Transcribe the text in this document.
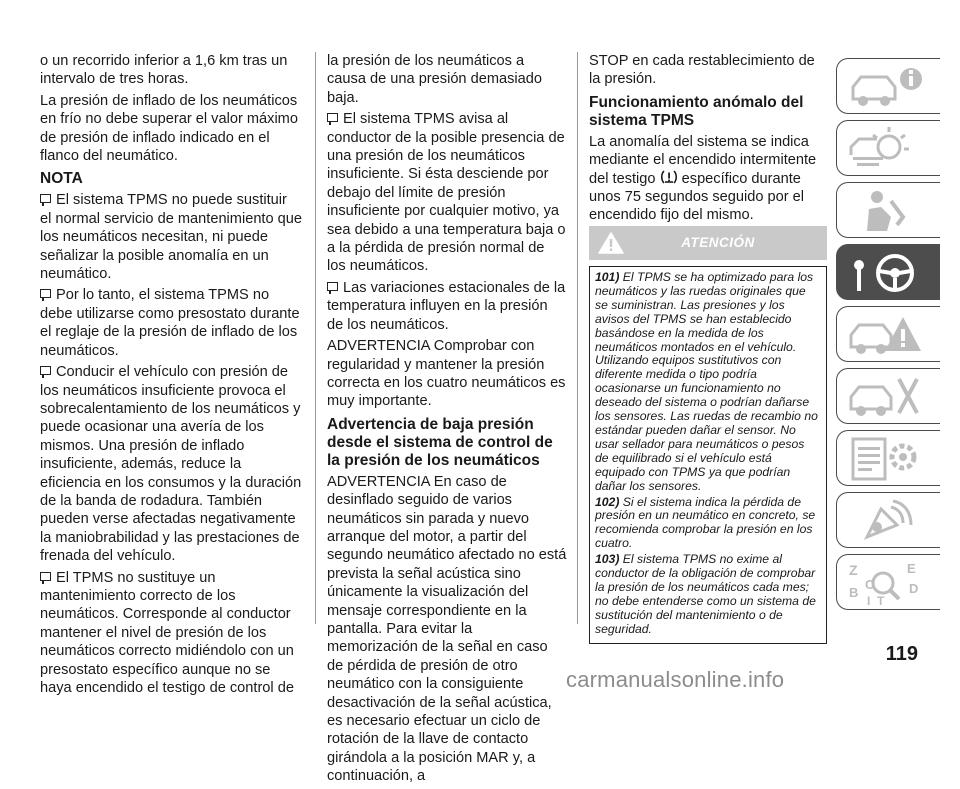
o un recorrido inferior a 1,6 km tras un intervalo de tres horas.

La presión de inflado de los neumáticos en frío no debe superar el valor máximo de presión de inflado indicado en el flanco del neumático.

NOTA

El sistema TPMS no puede sustituir el normal servicio de mantenimiento que los neumáticos necesitan, ni puede señalizar la posible anomalía en un neumático.

Por lo tanto, el sistema TPMS no debe utilizarse como presostato durante el reglaje de la presión de inflado de los neumáticos.

Conducir el vehículo con presión de los neumáticos insuficiente provoca el sobrecalentamiento de los neumáticos y puede ocasionar una avería de los mismos. Una presión de inflado insuficiente, además, reduce la eficiencia en los consumos y la duración de la banda de rodadura. También pueden verse afectadas negativamente la maniobrabilidad y las prestaciones de frenada del vehículo.

El TPMS no sustituye un mantenimiento correcto de los neumáticos. Corresponde al conductor mantener el nivel de presión de los neumáticos correcto midiéndolo con un presostato específico aunque no se haya encendido el testigo de control de

la presión de los neumáticos a causa de una presión demasiado baja.

El sistema TPMS avisa al conductor de la posible presencia de una presión de los neumáticos insuficiente. Si ésta desciende por debajo del límite de presión insuficiente por cualquier motivo, ya sea debido a una temperatura baja o a la pérdida de presión normal de los neumáticos.

Las variaciones estacionales de la temperatura influyen en la presión de los neumáticos.

ADVERTENCIA Comprobar con regularidad y mantener la presión correcta en los cuatro neumáticos es muy importante.

Advertencia de baja presión desde el sistema de control de la presión de los neumáticos

ADVERTENCIA En caso de desinflado seguido de varios neumáticos sin parada y nuevo arranque del motor, a partir del segundo neumático afectado no está prevista la señal acústica sino únicamente la visualización del mensaje correspondiente en la pantalla. Para evitar la memorización de la señal en caso de pérdida de presión de otro neumático con la consiguiente desactivación de la señal acústica, es necesario efectuar un ciclo de rotación de la llave de contacto girándola a la posición MAR y, a continuación, a

STOP en cada restablecimiento de la presión.

Funcionamiento anómalo del sistema TPMS

La anomalía del sistema se indica mediante el encendido intermitente del testigo específico durante unos 75 segundos seguido por el encendido fijo del mismo.

ATENCIÓN

101) El TPMS se ha optimizado para los neumáticos y las ruedas originales que se suministran. Las presiones y los avisos del TPMS se han establecido basándose en la medida de los neumáticos montados en el vehículo. Utilizando equipos sustitutivos con diferente medida o tipo podría ocasionarse un funcionamiento no deseado del sistema o podrían dañarse los sensores. Las ruedas de recambio no estándar pueden dañar el sensor. No usar sellador para neumáticos o pesos de equilibrado si el vehículo está equipado con TPMS ya que podrían dañar los sensores.

102) Si el sistema indica la pérdida de presión en un neumático en concreto, se recomienda comprobar la presión en los cuatro.

103) El sistema TPMS no exime al conductor de la obligación de comprobar la presión de los neumáticos cada mes; no debe entenderse como un sistema de sustitución del mantenimiento o de seguridad.

Z	E
C	D
B
I T
119
carmanualsonline.info
